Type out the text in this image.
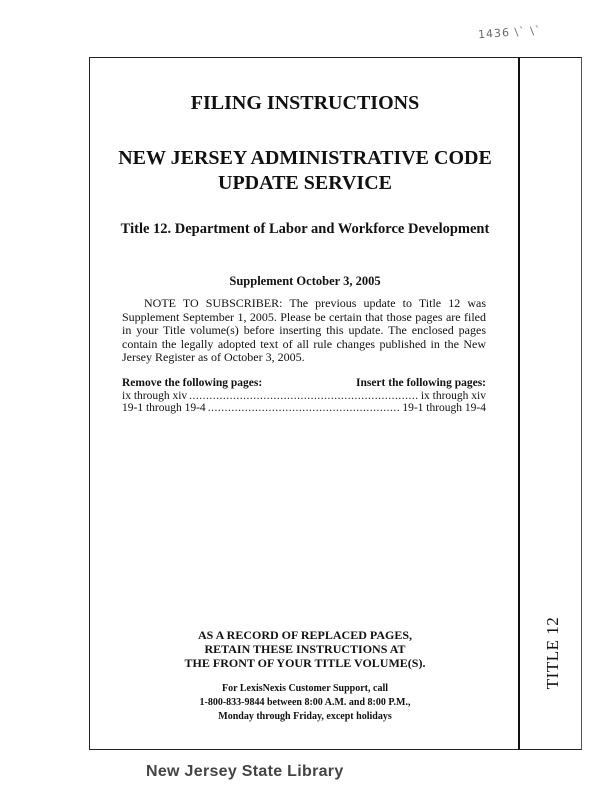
1436 \` \`
TITLE 12
FILING INSTRUCTIONS
NEW JERSEY ADMINISTRATIVE CODE
UPDATE SERVICE
Title 12. Department of Labor and Workforce Development
Supplement October 3, 2005
NOTE TO SUBSCRIBER: The previous update to Title 12 was Supplement September 1, 2005. Please be certain that those pages are filed in your Title volume(s) before inserting this update. The enclosed pages contain the legally adopted text of all rule changes published in the New Jersey Register as of October 3, 2005.
Remove the following pages:	Insert the following pages:
ix through xiv .....	ix through xiv
19-1 through 19-4 .....	19-1 through 19-4
AS A RECORD OF REPLACED PAGES,
RETAIN THESE INSTRUCTIONS AT
THE FRONT OF YOUR TITLE VOLUME(S).
For LexisNexis Customer Support, call
1-800-833-9844 between 8:00 A.M. and 8:00 P.M.,
Monday through Friday, except holidays
New Jersey State Library
